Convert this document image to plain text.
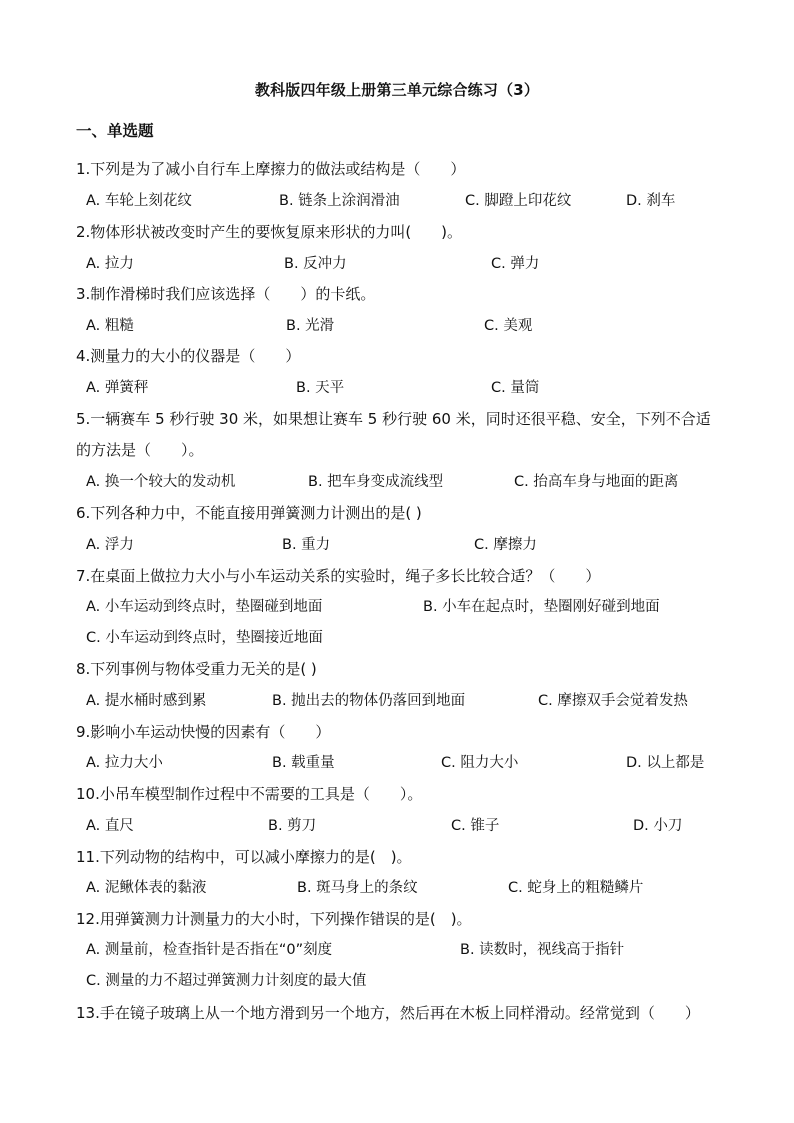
教科版四年级上册第三单元综合练习（3）
一、单选题
1.下列是为了减小自行车上摩擦力的做法或结构是（　　）
A. 车轮上刻花纹	B. 链条上涂润滑油	C. 脚蹬上印花纹	D. 刹车
2.物体形状被改变时产生的要恢复原来形状的力叫(　　)。
A. 拉力	B. 反冲力	C. 弹力
3.制作滑梯时我们应该选择（　　）的卡纸。
A. 粗糙	B. 光滑	C. 美观
4.测量力的大小的仪器是（　　）
A. 弹簧秤	B. 天平	C. 量筒
5.一辆赛车 5 秒行驶 30 米，如果想让赛车 5 秒行驶 60 米，同时还很平稳、安全，下列不合适的方法是（　　）。
A. 换一个较大的发动机	B. 把车身变成流线型	C. 抬高车身与地面的距离
6.下列各种力中，不能直接用弹簧测力计测出的是( )
A. 浮力	B. 重力	C. 摩擦力
7.在桌面上做拉力大小与小车运动关系的实验时，绳子多长比较合适？（　　）
A. 小车运动到终点时，垫圈碰到地面	B. 小车在起点时，垫圈刚好碰到地面
C. 小车运动到终点时，垫圈接近地面
8.下列事例与物体受重力无关的是( )
A. 提水桶时感到累	B. 抛出去的物体仍落回到地面	C. 摩擦双手会觉着发热
9.影响小车运动快慢的因素有（　　）
A. 拉力大小	B. 载重量	C. 阻力大小	D. 以上都是
10.小吊车模型制作过程中不需要的工具是（　　）。
A. 直尺	B. 剪刀	C. 锥子	D. 小刀
11.下列动物的结构中，可以减小摩擦力的是(　)。
A. 泥鳅体表的黏液	B. 斑马身上的条纹	C. 蛇身上的粗糙鳞片
12.用弹簧测力计测量力的大小时，下列操作错误的是(　)。
A. 测量前，检查指针是否指在“0”刻度	B. 读数时，视线高于指针
C. 测量的力不超过弹簧测力计刻度的最大值
13.手在镜子玻璃上从一个地方滑到另一个地方，然后再在木板上同样滑动。经常觉到（　　）
